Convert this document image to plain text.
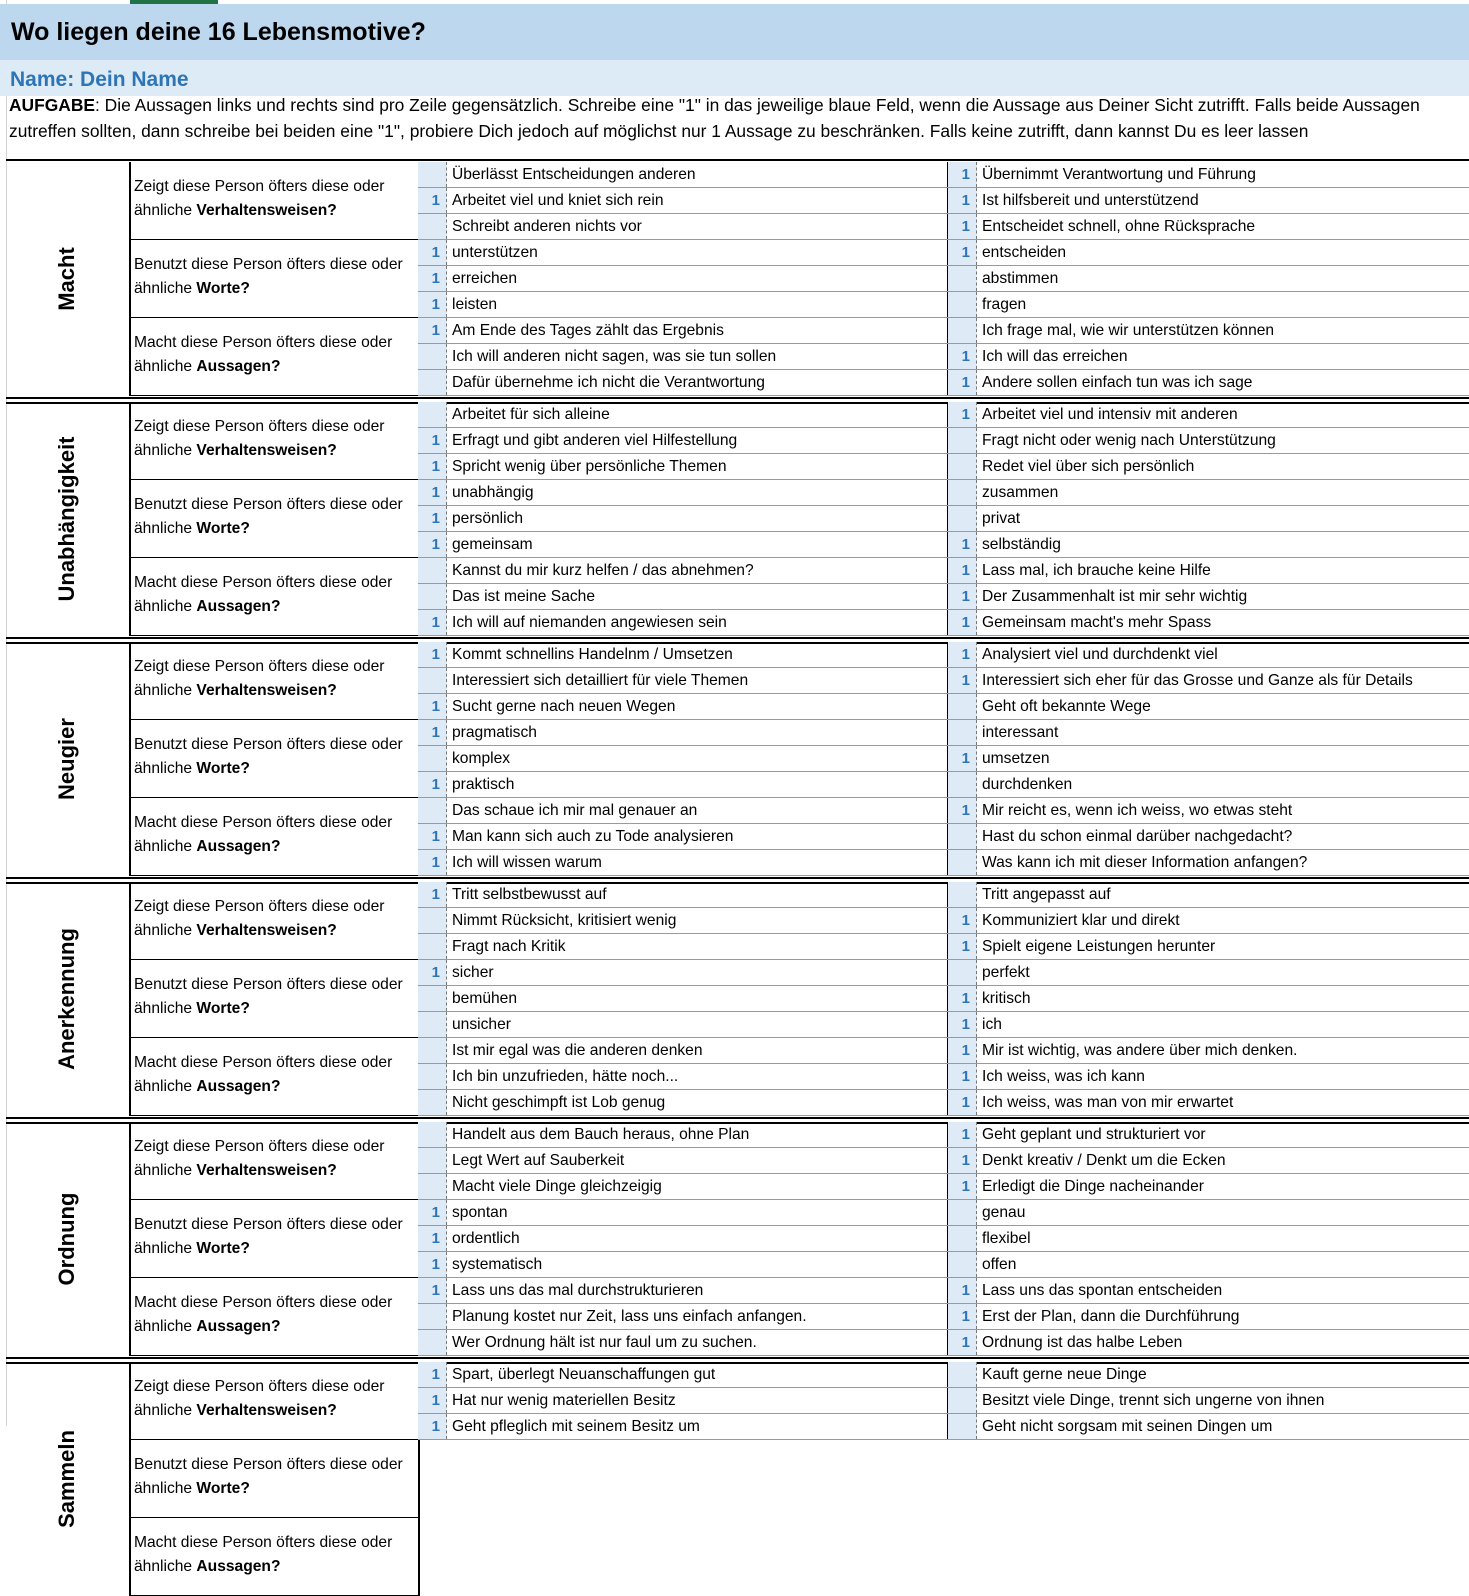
Wo liegen deine 16 Lebensmotive?
Name: Dein Name
AUFGABE: Die Aussagen links und rechts sind pro Zeile gegensätzlich. Schreibe eine "1" in das jeweilige blaue Feld, wenn die Aussage aus Deiner Sicht zutrifft. Falls beide Aussagen zutreffen sollten, dann schreibe bei beiden eine "1", probiere Dich jedoch auf möglichst nur 1 Aussage zu beschränken. Falls keine zutrifft, dann kannst Du es leer lassen
Macht
Zeigt diese Person öfters diese oder ähnliche Verhaltensweisen?
Benutzt diese Person öfters diese oder ähnliche Worte?
Macht diese Person öfters diese oder ähnliche Aussagen?
Überlässt Entscheidungen anderen	1 Übernimmt Verantwortung und Führung
1 Arbeitet viel und kniet sich rein	1 Ist hilfsbereit und unterstützend
Schreibt anderen nichts vor	1 Entscheidet schnell, ohne Rücksprache
1 unterstützen	1 entscheiden
1 erreichen	abstimmen
1 leisten	fragen
1 Am Ende des Tages zählt das Ergebnis	Ich frage mal, wie wir unterstützen können
Ich will anderen nicht sagen, was sie tun sollen	1 Ich will das erreichen
Dafür übernehme ich nicht die Verantwortung	1 Andere sollen einfach tun was ich sage
Unabhängigkeit
Zeigt diese Person öfters diese oder ähnliche Verhaltensweisen?
Benutzt diese Person öfters diese oder ähnliche Worte?
Macht diese Person öfters diese oder ähnliche Aussagen?
Arbeitet für sich alleine	1 Arbeitet viel und intensiv mit anderen
1 Erfragt und gibt anderen viel Hilfestellung	Fragt nicht oder wenig nach Unterstützung
1 Spricht wenig über persönliche Themen	Redet viel über sich persönlich
1 unabhängig	zusammen
1 persönlich	privat
1 gemeinsam	1 selbständig
Kannst du mir kurz helfen / das abnehmen?	1 Lass mal, ich brauche keine Hilfe
Das ist meine Sache	1 Der Zusammenhalt ist mir sehr wichtig
1 Ich will auf niemanden angewiesen sein	1 Gemeinsam macht's mehr Spass
Neugier
Zeigt diese Person öfters diese oder ähnliche Verhaltensweisen?
Benutzt diese Person öfters diese oder ähnliche Worte?
Macht diese Person öfters diese oder ähnliche Aussagen?
1 Kommt schnellins Handelnm / Umsetzen	1 Analysiert viel und durchdenkt viel
Interessiert sich detailliert für viele Themen	1 Interessiert sich eher für das Grosse und Ganze als für Details
1 Sucht gerne nach neuen Wegen	Geht oft bekannte Wege
1 pragmatisch	interessant
komplex	1 umsetzen
1 praktisch	durchdenken
Das schaue ich mir mal genauer an	1 Mir reicht es, wenn ich weiss, wo etwas steht
1 Man kann sich auch zu Tode analysieren	Hast du schon einmal darüber nachgedacht?
1 Ich will wissen warum	Was kann ich mit dieser Information anfangen?
Anerkennung
Zeigt diese Person öfters diese oder ähnliche Verhaltensweisen?
Benutzt diese Person öfters diese oder ähnliche Worte?
Macht diese Person öfters diese oder ähnliche Aussagen?
1 Tritt selbstbewusst auf	Tritt angepasst auf
Nimmt Rücksicht, kritisiert wenig	1 Kommuniziert klar und direkt
Fragt nach Kritik	1 Spielt eigene Leistungen herunter
1 sicher	perfekt
bemühen	1 kritisch
unsicher	1 ich
Ist mir egal was die anderen denken	1 Mir ist wichtig, was andere über mich denken.
Ich bin unzufrieden, hätte noch...	1 Ich weiss, was ich kann
Nicht geschimpft ist Lob genug	1 Ich weiss, was man von mir erwartet
Ordnung
Zeigt diese Person öfters diese oder ähnliche Verhaltensweisen?
Benutzt diese Person öfters diese oder ähnliche Worte?
Macht diese Person öfters diese oder ähnliche Aussagen?
Handelt aus dem Bauch heraus, ohne Plan	1 Geht geplant und strukturiert vor
Legt Wert auf Sauberkeit	1 Denkt kreativ / Denkt um die Ecken
Macht viele Dinge gleichzeigig	1 Erledigt die Dinge nacheinander
1 spontan	genau
1 ordentlich	flexibel
1 systematisch	offen
1 Lass uns das mal durchstrukturieren	1 Lass uns das spontan entscheiden
Planung kostet nur Zeit, lass uns einfach anfangen.	1 Erst der Plan, dann die Durchführung
Wer Ordnung hält ist nur faul um zu suchen.	1 Ordnung ist das halbe Leben
Sammeln
Zeigt diese Person öfters diese oder ähnliche Verhaltensweisen?
Benutzt diese Person öfters diese oder ähnliche Worte?
Macht diese Person öfters diese oder ähnliche Aussagen?
1 Spart, überlegt Neuanschaffungen gut	Kauft gerne neue Dinge
1 Hat nur wenig materiellen Besitz	Besitzt viele Dinge, trennt sich ungerne von ihnen
1 Geht pfleglich mit seinem Besitz um	Geht nicht sorgsam mit seinen Dingen um
